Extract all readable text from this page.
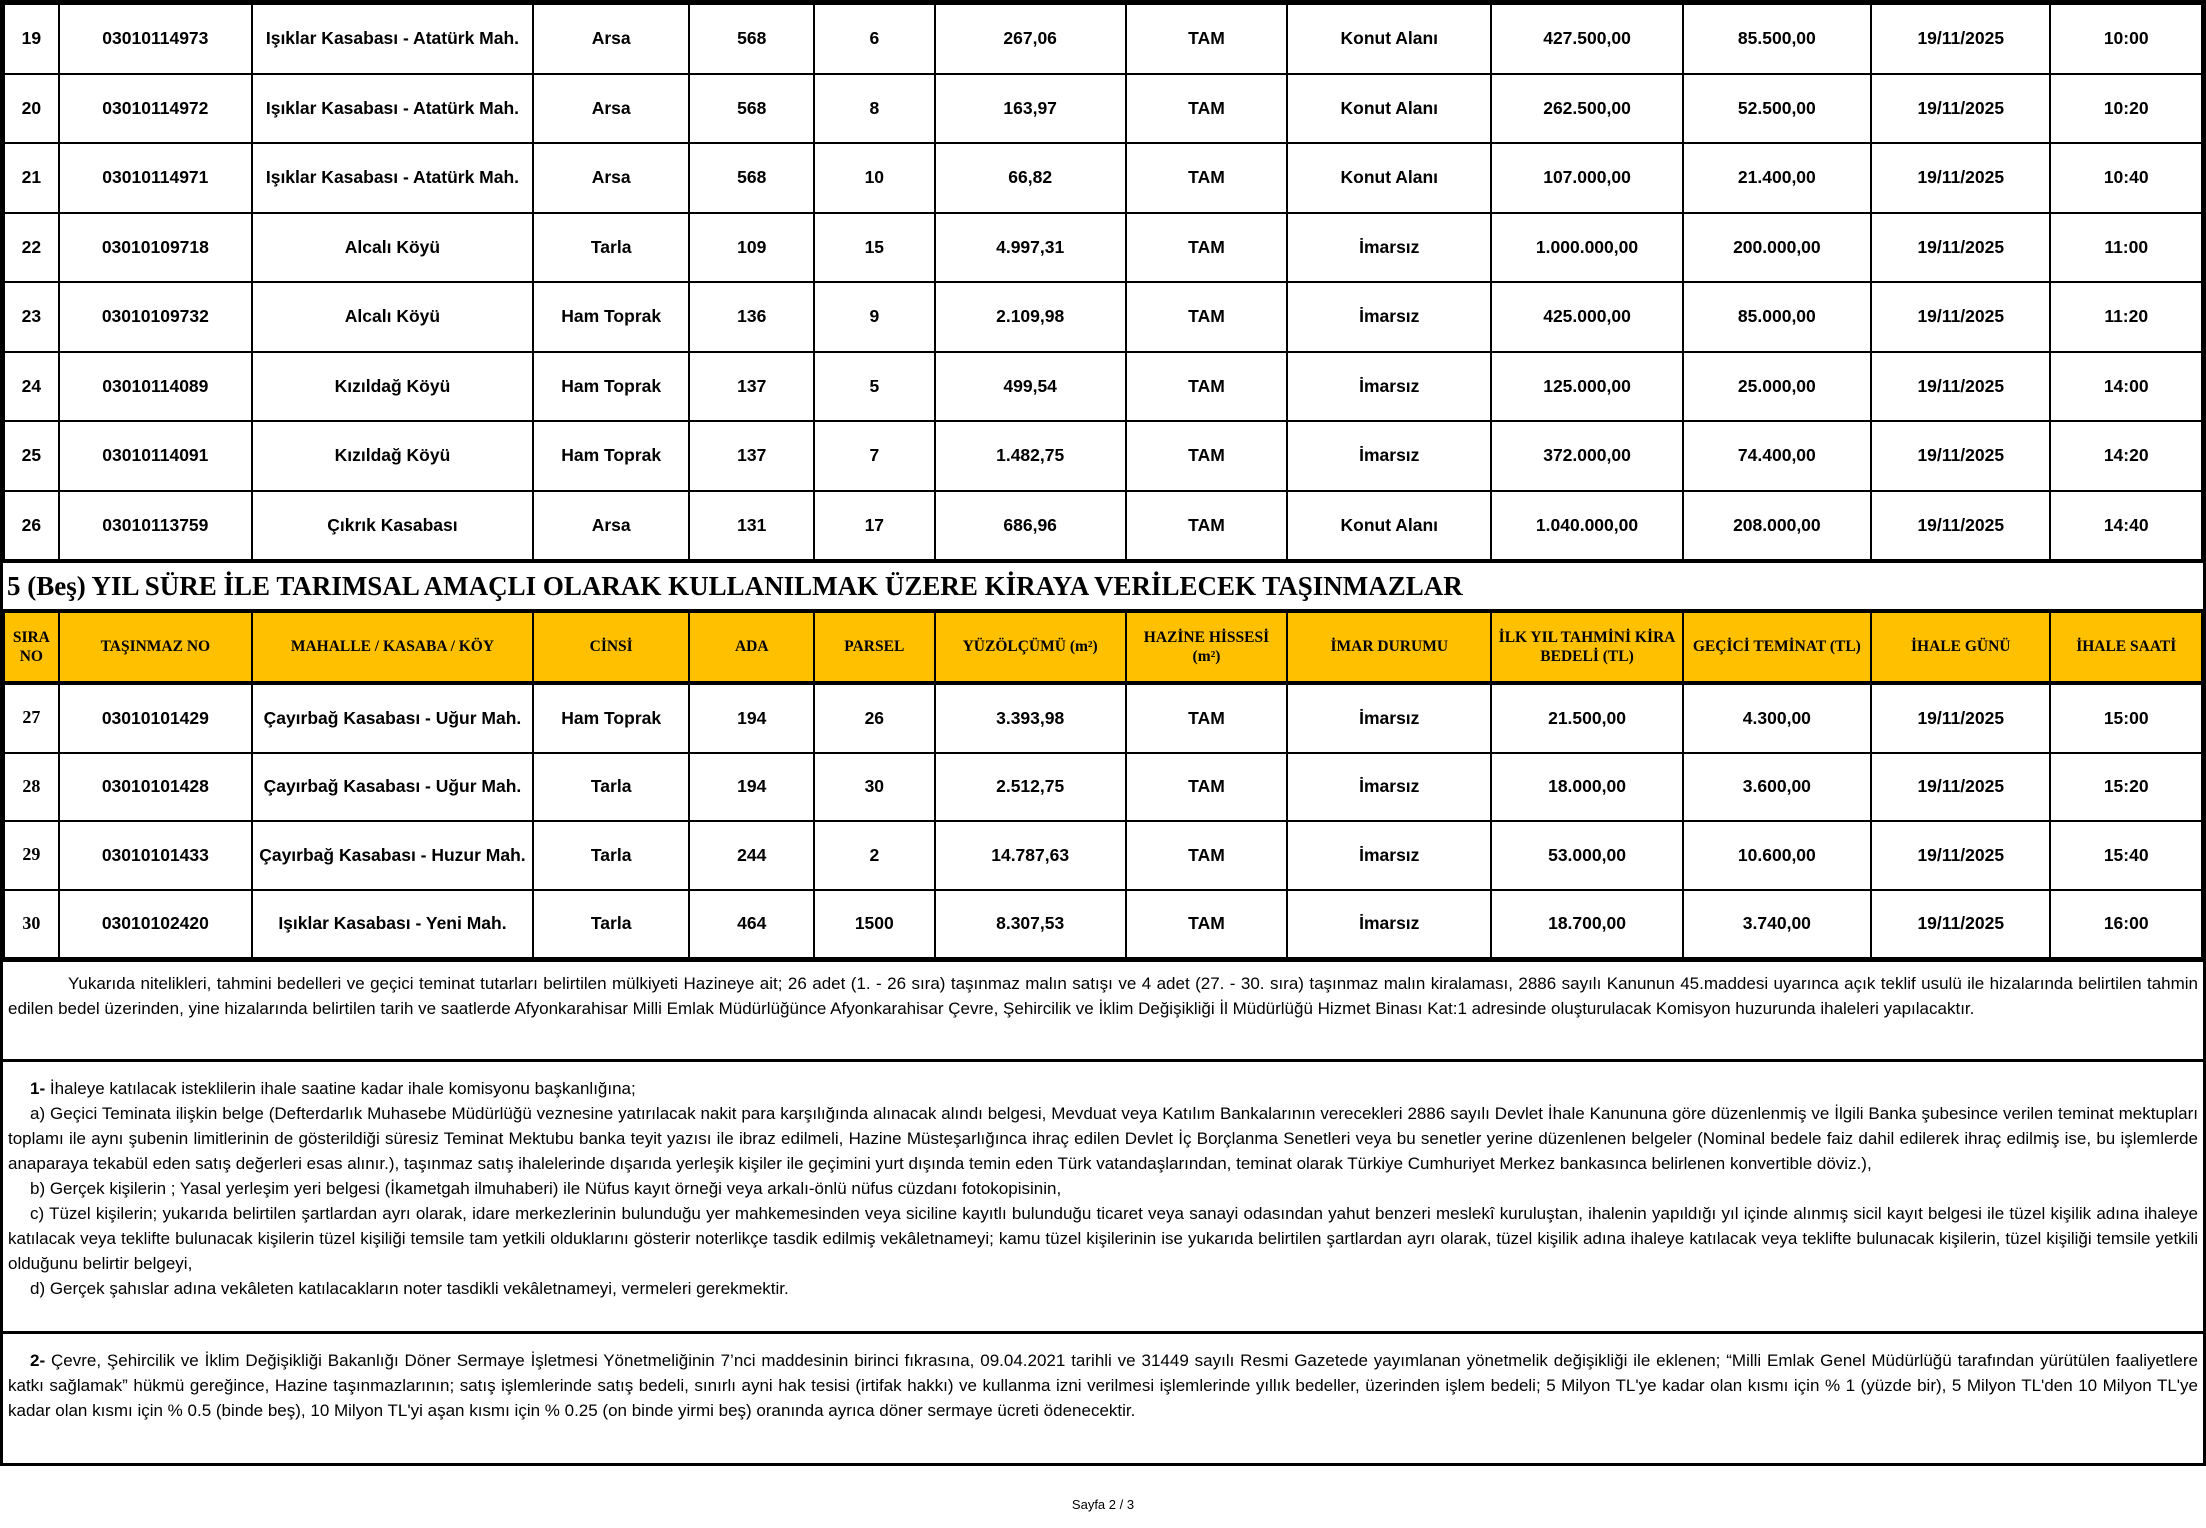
19	03010114973	Işıklar Kasabası - Atatürk Mah.	Arsa	568	6	267,06	TAM	Konut Alanı	427.500,00	85.500,00	19/11/2025	10:00
20	03010114972	Işıklar Kasabası - Atatürk Mah.	Arsa	568	8	163,97	TAM	Konut Alanı	262.500,00	52.500,00	19/11/2025	10:20
21	03010114971	Işıklar Kasabası - Atatürk Mah.	Arsa	568	10	66,82	TAM	Konut Alanı	107.000,00	21.400,00	19/11/2025	10:40
22	03010109718	Alcalı Köyü	Tarla	109	15	4.997,31	TAM	İmarsız	1.000.000,00	200.000,00	19/11/2025	11:00
23	03010109732	Alcalı Köyü	Ham Toprak	136	9	2.109,98	TAM	İmarsız	425.000,00	85.000,00	19/11/2025	11:20
24	03010114089	Kızıldağ Köyü	Ham Toprak	137	5	499,54	TAM	İmarsız	125.000,00	25.000,00	19/11/2025	14:00
25	03010114091	Kızıldağ Köyü	Ham Toprak	137	7	1.482,75	TAM	İmarsız	372.000,00	74.400,00	19/11/2025	14:20
26	03010113759	Çıkrık Kasabası	Arsa	131	17	686,96	TAM	Konut Alanı	1.040.000,00	208.000,00	19/11/2025	14:40
5 (Beş) YIL SÜRE İLE TARIMSAL AMAÇLI OLARAK KULLANILMAK ÜZERE KİRAYA VERİLECEK TAŞINMAZLAR
SIRA NO	TAŞINMAZ NO	MAHALLE / KASABA / KÖY	CİNSİ	ADA	PARSEL	YÜZÖLÇÜMÜ (m²)	HAZİNE HİSSESİ (m²)	İMAR DURUMU	İLK YIL TAHMİNİ KİRA BEDELİ (TL)	GEÇİCİ TEMİNAT (TL)	İHALE GÜNÜ	İHALE SAATİ
27	03010101429	Çayırbağ Kasabası - Uğur Mah.	Ham Toprak	194	26	3.393,98	TAM	İmarsız	21.500,00	4.300,00	19/11/2025	15:00
28	03010101428	Çayırbağ Kasabası - Uğur Mah.	Tarla	194	30	2.512,75	TAM	İmarsız	18.000,00	3.600,00	19/11/2025	15:20
29	03010101433	Çayırbağ Kasabası - Huzur Mah.	Tarla	244	2	14.787,63	TAM	İmarsız	53.000,00	10.600,00	19/11/2025	15:40
30	03010102420	Işıklar Kasabası - Yeni Mah.	Tarla	464	1500	8.307,53	TAM	İmarsız	18.700,00	3.740,00	19/11/2025	16:00

Yukarıda nitelikleri, tahmini bedelleri ve geçici teminat tutarları belirtilen mülkiyeti Hazineye ait; 26 adet (1. - 26 sıra) taşınmaz malın satışı ve 4 adet (27. - 30. sıra) taşınmaz malın kiralaması, 2886 sayılı Kanunun 45.maddesi uyarınca açık teklif usulü ile hizalarında belirtilen tahmin edilen bedel üzerinden, yine hizalarında belirtilen tarih ve saatlerde Afyonkarahisar Milli Emlak Müdürlüğünce Afyonkarahisar Çevre, Şehircilik ve İklim Değişikliği İl Müdürlüğü Hizmet Binası Kat:1 adresinde oluşturulacak Komisyon huzurunda ihaleleri yapılacaktır.

1- İhaleye katılacak isteklilerin ihale saatine kadar ihale komisyonu başkanlığına;

a) Geçici Teminata ilişkin belge (Defterdarlık Muhasebe Müdürlüğü veznesine yatırılacak nakit para karşılığında alınacak alındı belgesi, Mevduat veya Katılım Bankalarının verecekleri 2886 sayılı Devlet İhale Kanununa göre düzenlenmiş ve İlgili Banka şubesince verilen teminat mektupları toplamı ile aynı şubenin limitlerinin de gösterildiği süresiz Teminat Mektubu banka teyit yazısı ile ibraz edilmeli, Hazine Müsteşarlığınca ihraç edilen Devlet İç Borçlanma Senetleri veya bu senetler yerine düzenlenen belgeler (Nominal bedele faiz dahil edilerek ihraç edilmiş ise, bu işlemlerde anaparaya tekabül eden satış değerleri esas alınır.), taşınmaz satış ihalelerinde dışarıda yerleşik kişiler ile geçimini yurt dışında temin eden Türk vatandaşlarından, teminat olarak Türkiye Cumhuriyet Merkez bankasınca belirlenen konvertible döviz.),

b) Gerçek kişilerin ; Yasal yerleşim yeri belgesi (İkametgah ilmuhaberi) ile Nüfus kayıt örneği veya arkalı-önlü nüfus cüzdanı fotokopisinin,

c) Tüzel kişilerin; yukarıda belirtilen şartlardan ayrı olarak, idare merkezlerinin bulunduğu yer mahkemesinden veya siciline kayıtlı bulunduğu ticaret veya sanayi odasından yahut benzeri meslekî kuruluştan, ihalenin yapıldığı yıl içinde alınmış sicil kayıt belgesi ile tüzel kişilik adına ihaleye katılacak veya teklifte bulunacak kişilerin tüzel kişiliği temsile tam yetkili olduklarını gösterir noterlikçe tasdik edilmiş vekâletnameyi; kamu tüzel kişilerinin ise yukarıda belirtilen şartlardan ayrı olarak, tüzel kişilik adına ihaleye katılacak veya teklifte bulunacak kişilerin, tüzel kişiliği temsile yetkili olduğunu belirtir belgeyi,

d) Gerçek şahıslar adına vekâleten katılacakların noter tasdikli vekâletnameyi, vermeleri gerekmektir.

2- Çevre, Şehircilik ve İklim Değişikliği Bakanlığı Döner Sermaye İşletmesi Yönetmeliğinin 7’nci maddesinin birinci fıkrasına, 09.04.2021 tarihli ve 31449 sayılı Resmi Gazetede yayımlanan yönetmelik değişikliği ile eklenen; “Milli Emlak Genel Müdürlüğü tarafından yürütülen faaliyetlere katkı sağlamak” hükmü gereğince, Hazine taşınmazlarının; satış işlemlerinde satış bedeli, sınırlı ayni hak tesisi (irtifak hakkı) ve kullanma izni verilmesi işlemlerinde yıllık bedeller, üzerinden işlem bedeli; 5 Milyon TL'ye kadar olan kısmı için % 1 (yüzde bir), 5 Milyon TL'den 10 Milyon TL'ye kadar olan kısmı için % 0.5 (binde beş), 10 Milyon TL'yi aşan kısmı için % 0.25 (on binde yirmi beş) oranında ayrıca döner sermaye ücreti ödenecektir.

Sayfa 2 / 3
